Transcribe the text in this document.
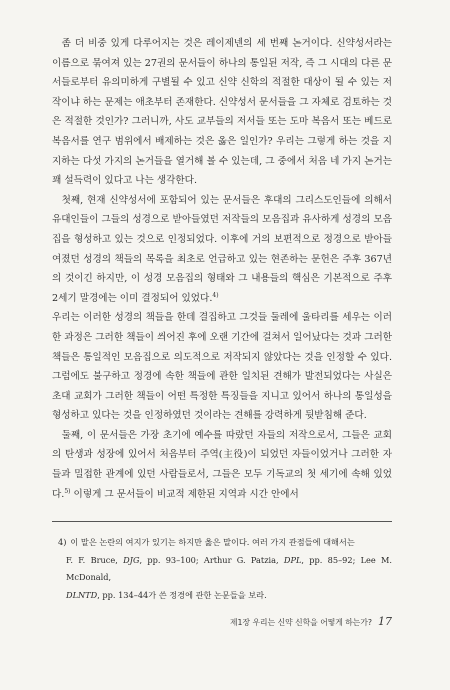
좀 더 비중 있게 다루어지는 것은 레이제넨의 세 번째 논거이다. 신약성서라는 이름으로 묶여져 있는 27권의 문서들이 하나의 통일된 저작, 즉 그 시대의 다른 문서들로부터 유의미하게 구별될 수 있고 신약 신학의 적절한 대상이 될 수 있는 저작이냐 하는 문제는 애초부터 존재한다. 신약성서 문서들을 그 자체로 검토하는 것은 적절한 것인가? 그러니까, 사도 교부들의 저서들 또는 도마 복음서 또는 베드로 복음서를 연구 범위에서 배제하는 것은 옳은 일인가? 우리는 그렇게 하는 것을 지지하는 다섯 가지의 논거들을 열거해 볼 수 있는데, 그 중에서 처음 네 가지 논거는 꽤 설득력이 있다고 나는 생각한다.

첫째, 현재 신약성서에 포함되어 있는 문서들은 후대의 그리스도인들에 의해서 유대인들이 그들의 성경으로 받아들였던 저작들의 모음집과 유사하게 성경의 모음집을 형성하고 있는 것으로 인정되었다. 이후에 거의 보편적으로 정경으로 받아들여졌던 성경의 책들의 목록을 최초로 언급하고 있는 현존하는 문헌은 주후 367년의 것이긴 하지만, 이 성경 모음집의 형태와 그 내용들의 핵심은 기본적으로 주후 2세기 말경에는 이미 결정되어 있었다.$^{4)}$

우리는 이러한 성경의 책들을 한데 결집하고 그것들 둘레에 울타리를 세우는 이러한 과정은 그러한 책들이 씌어진 후에 오랜 기간에 걸쳐서 일어났다는 것과 그러한 책들은 통일적인 모음집으로 의도적으로 저작되지 않았다는 것을 인정할 수 있다. 그럼에도 불구하고 정경에 속한 책들에 관한 일치된 견해가 발전되었다는 사실은 초대 교회가 그러한 책들이 어떤 특정한 특징들을 지니고 있어서 하나의 통일성을 형성하고 있다는 것을 인정하였던 것이라는 견해를 강력하게 뒷받침해 준다.

둘째, 이 문서들은 가장 초기에 예수를 따랐던 자들의 저작으로서, 그들은 교회의 탄생과 성장에 있어서 처음부터 주역(主役)이 되었던 자들이었거나 그러한 자들과 밀접한 관계에 있던 사람들로서, 그들은 모두 기독교의 첫 세기에 속해 있었다.$^{5)}$ 이렇게 그 문서들이 비교적 제한된 지역과 시간 안에서

4) 이 말은 논란의 여지가 있기는 하지만 옳은 말이다. 여러 가지 관점들에 대해서는
F. F. Bruce, DJG, pp. 93–100; Arthur G. Patzia, DPL, pp. 85–92; Lee M. McDonald,
DLNTD, pp. 134–44가 쓴 정경에 관한 논문들을 보라.
제1장 우리는 신약 신학을 어떻게 하는가? 17
